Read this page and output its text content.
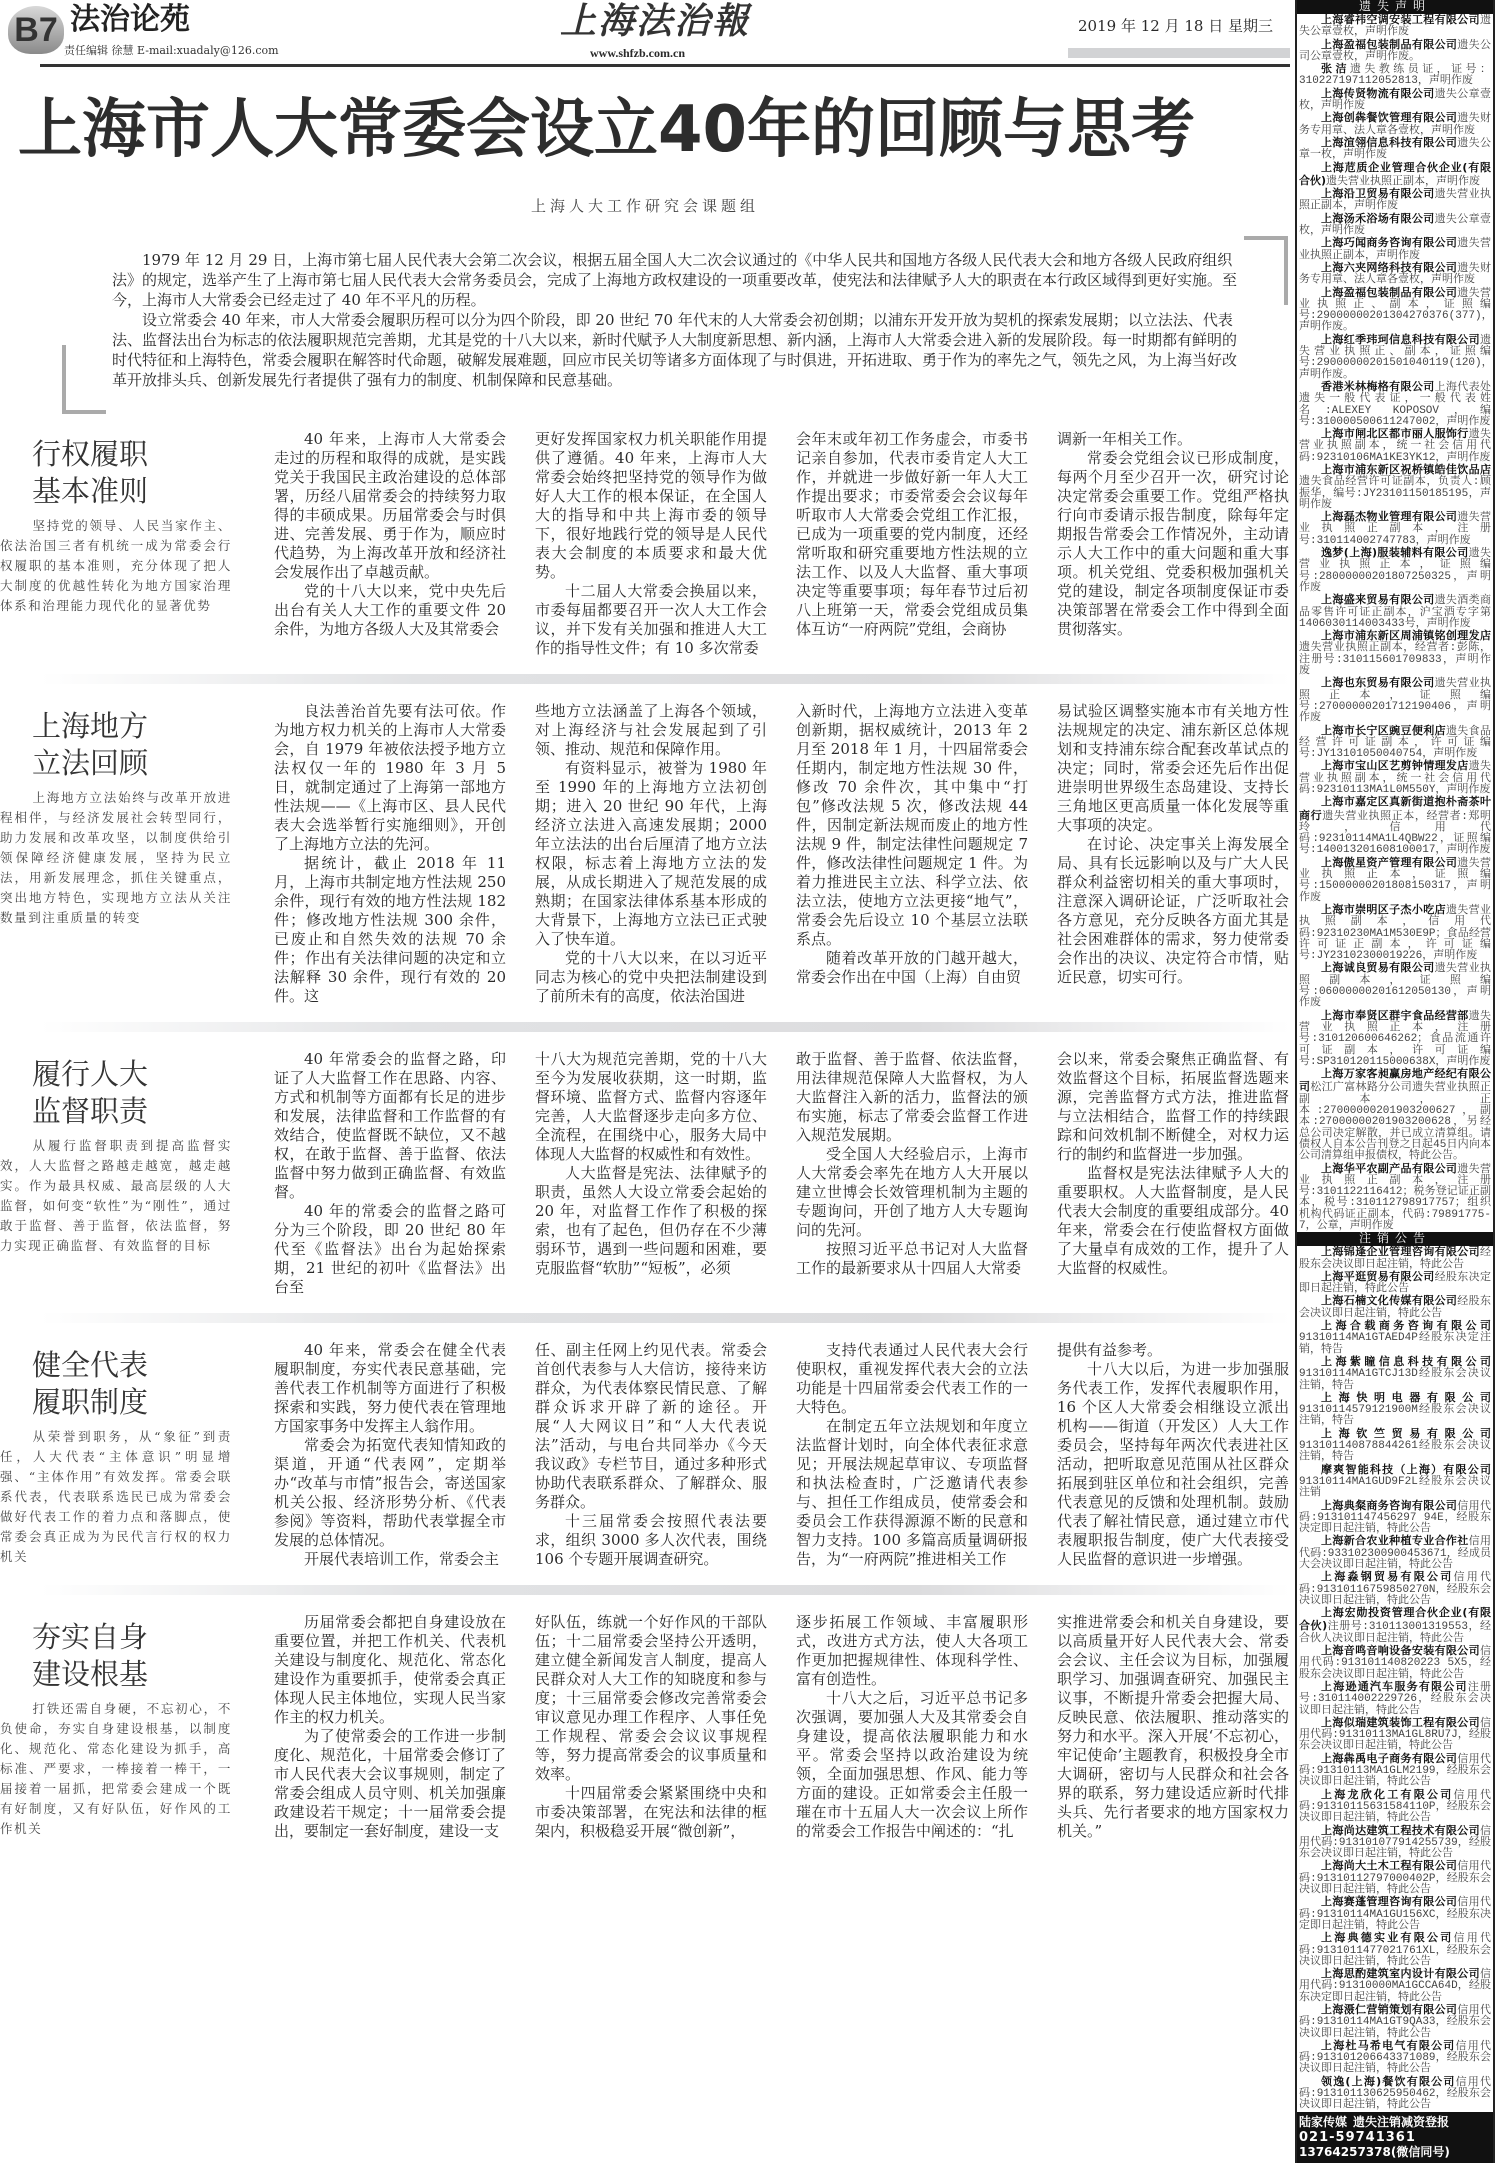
B7 法治论苑
责任编辑 徐慧 E-mail:xuadaly@126.com
上海法治報
www.shfzb.com.cn
2019 年 12 月 18 日 星期三
上海市人大常委会设立40年的回顾与思考
上海人大工作研究会课题组

1979 年 12 月 29 日，上海市第七届人民代表大会第二次会议，根据五届全国人大二次会议通过的《中华人民共和国地方各级人民代表大会和地方各级人民政府组织法》的规定，选举产生了上海市第七届人民代表大会常务委员会，完成了上海地方政权建设的一项重要改革，使宪法和法律赋予人大的职责在本行政区域得到更好实施。至今，上海市人大常委会已经走过了 40 年不平凡的历程。

设立常委会 40 年来，市人大常委会履职历程可以分为四个阶段，即 20 世纪 70 年代末的人大常委会初创期；以浦东开发开放为契机的探索发展期；以立法法、代表法、监督法出台为标志的依法履职规范完善期，尤其是党的十八大以来，新时代赋予人大制度新思想、新内涵，上海市人大常委会进入新的发展阶段。每一时期都有鲜明的时代特征和上海特色，常委会履职在解答时代命题，破解发展难题，回应市民关切等诸多方面体现了与时俱进，开拓进取、勇于作为的率先之气，领先之风，为上海当好改革开放排头兵、创新发展先行者提供了强有力的制度、机制保障和民意基础。

行权履职
基本准则
坚持党的领导、人民当家作主、依法治国三者有机统一成为常委会行权履职的基本准则，充分体现了把人大制度的优越性转化为地方国家治理体系和治理能力现代化的显著优势

40 年来，上海市人大常委会走过的历程和取得的成就，是实践党关于我国民主政治建设的总体部署，历经八届常委会的持续努力取得的丰硕成果。历届常委会与时俱进、完善发展、勇于作为，顺应时代趋势，为上海改革开放和经济社会发展作出了卓越贡献。

党的十八大以来，党中央先后出台有关人大工作的重要文件 20 余件，为地方各级人大及其常委会

更好发挥国家权力机关职能作用提供了遵循。40 年来，上海市人大常委会始终把坚持党的领导作为做好人大工作的根本保证，在全国人大的指导和中共上海市委的领导下，很好地践行党的领导是人民代表大会制度的本质要求和最大优势。

十二届人大常委会换届以来，市委每届都要召开一次人大工作会议，并下发有关加强和推进人大工作的指导性文件；有 10 多次常委

会年末或年初工作务虚会，市委书记亲自参加，代表市委肯定人大工作，并就进一步做好新一年人大工作提出要求；市委常委会会议每年听取市人大常委会党组工作汇报，已成为一项重要的党内制度，还经常听取和研究重要地方性法规的立法工作、以及人大监督、重大事项决定等重要事项；每年春节过后初八上班第一天，常委会党组成员集体互访“一府两院”党组，会商协

调新一年相关工作。

常委会党组会议已形成制度，每两个月至少召开一次，研究讨论决定常委会重要工作。党组严格执行向市委请示报告制度，除每年定期报告常委会工作情况外，主动请示人大工作中的重大问题和重大事项。机关党组、党委积极加强机关党的建设，制定各项制度保证市委决策部署在常委会工作中得到全面贯彻落实。

上海地方
立法回顾
上海地方立法始终与改革开放进程相伴，与经济发展社会转型同行，助力发展和改革攻坚，以制度供给引领保障经济健康发展，坚持为民立法，用新发展理念，抓住关键重点，突出地方特色，实现地方立法从关注数量到注重质量的转变

良法善治首先要有法可依。作为地方权力机关的上海市人大常委会，自 1979 年被依法授予地方立法权仅一年的 1980 年 3 月 5 日，就制定通过了上海第一部地方性法规——《上海市区、县人民代表大会选举暂行实施细则》，开创了上海地方立法的先河。

据统计，截止 2018 年 11 月，上海市共制定地方性法规 250 余件，现行有效的地方性法规 182 件；修改地方性法规 300 余件，已废止和自然失效的法规 70 余件；作出有关法律问题的决定和立法解释 30 余件，现行有效的 20 件。这

些地方立法涵盖了上海各个领域，对上海经济与社会发展起到了引领、推动、规范和保障作用。

有资料显示，被誉为 1980 年至 1990 年的上海地方立法初创期；进入 20 世纪 90 年代，上海经济立法进入高速发展期；2000 年立法法的出台后厘清了地方立法权限，标志着上海地方立法的发展，从成长期进入了规范发展的成熟期；在国家法律体系基本形成的大背景下，上海地方立法已正式驶入了快车道。

党的十八大以来，在以习近平同志为核心的党中央把法制建设到了前所未有的高度，依法治国进

入新时代，上海地方立法进入变革创新期，据权威统计，2013 年 2 月至 2018 年 1 月，十四届常委会任期内，制定地方性法规 30 件，修改 70 余件次，其中集中“打包”修改法规 5 次，修改法规 44 件，因制定新法规而废止的地方性法规 9 件，制定法律性问题规定 7 件，修改法律性问题规定 1 件。为着力推进民主立法、科学立法、依法立法，使地方立法更接“地气”，常委会先后设立 10 个基层立法联系点。

随着改革开放的门越开越大，常委会作出在中国（上海）自由贸

易试验区调整实施本市有关地方性法规规定的决定、浦东新区总体规划和支持浦东综合配套改革试点的决定；同时，常委会还先后作出促进崇明世界级生态岛建设、支持长三角地区更高质量一体化发展等重大事项的决定。

在讨论、决定事关上海发展全局、具有长远影响以及与广大人民群众利益密切相关的重大事项时，注意深入调研论证，广泛听取社会各方意见，充分反映各方面尤其是社会困难群体的需求，努力使常委会作出的决议、决定符合市情，贴近民意，切实可行。

履行人大
监督职责
从履行监督职责到提高监督实效，人大监督之路越走越宽，越走越实。作为最具权威、最高层级的人大监督，如何变“软性”为“刚性”，通过敢于监督、善于监督，依法监督，努力实现正确监督、有效监督的目标

40 年常委会的监督之路，印证了人大监督工作在思路、内容、方式和机制等方面都有长足的进步和发展，法律监督和工作监督的有效结合，使监督既不缺位，又不越权，在敢于监督、善于监督、依法监督中努力做到正确监督、有效监督。

40 年的常委会的监督之路可分为三个阶段，即 20 世纪 80 年代至《监督法》出台为起始探索期，21 世纪的初叶《监督法》出台至

十八大为规范完善期，党的十八大至今为发展收获期，这一时期，监督环境、监督方式、监督内容逐年完善，人大监督逐步走向多方位、全流程，在围绕中心，服务大局中体现人大监督的权威性和有效性。

人大监督是宪法、法律赋予的职责，虽然人大设立常委会起始的 20 年，对监督工作作了积极的探索，也有了起色，但仍存在不少薄弱环节，遇到一些问题和困难，要克服监督“软肋”“短板”，必须

敢于监督、善于监督、依法监督，用法律规范保障人大监督权，为人大监督注入新的活力，监督法的颁布实施，标志了常委会监督工作进入规范发展期。

受全国人大经验启示，上海市人大常委会率先在地方人大开展以建立世博会长效管理机制为主题的专题询问，开创了地方人大专题询问的先河。

按照习近平总书记对人大监督工作的最新要求从十四届人大常委

会以来，常委会聚焦正确监督、有效监督这个目标，拓展监督选题来源，完善监督方式方法，推进监督与立法相结合，监督工作的持续跟踪和问效机制不断健全，对权力运行的制约和监督进一步加强。

监督权是宪法法律赋予人大的重要职权。人大监督制度，是人民代表大会制度的重要组成部分。40 年来，常委会在行使监督权方面做了大量卓有成效的工作，提升了人大监督的权威性。

健全代表
履职制度
从荣誉到职务，从“象征”到责任，人大代表“主体意识”明显增强、“主体作用”有效发挥。常委会联系代表，代表联系选民已成为常委会做好代表工作的着力点和落脚点，使常委会真正成为为民代言行权的权力机关

40 年来，常委会在健全代表履职制度，夯实代表民意基础，完善代表工作机制等方面进行了积极探索和实践，努力使代表在管理地方国家事务中发挥主人翁作用。

常委会为拓宽代表知情知政的渠道，开通“代表网”，定期举办“改革与市情”报告会，寄送国家机关公报、经济形势分析、《代表参阅》等资料，帮助代表掌握全市发展的总体情况。

开展代表培训工作，常委会主

任、副主任网上约见代表。常委会首创代表参与人大信访，接待来访群众，为代表体察民情民意、了解群众诉求开辟了新的途径。开展“人大网议日”和“人大代表说法”活动，与电台共同举办《今天我议政》专栏节目，通过多种形式协助代表联系群众、了解群众、服务群众。

十三届常委会按照代表法要求，组织 3000 多人次代表，围绕 106 个专题开展调查研究。

支持代表通过人民代表大会行使职权，重视发挥代表大会的立法功能是十四届常委会代表工作的一大特色。

在制定五年立法规划和年度立法监督计划时，向全体代表征求意见；开展法规起草审议、专项监督和执法检查时，广泛邀请代表参与、担任工作组成员，使常委会和委员会工作获得源源不断的民意和智力支持。100 多篇高质量调研报告，为“一府两院”推进相关工作

提供有益参考。

十八大以后，为进一步加强服务代表工作，发挥代表履职作用，16 个区人大常委会相继设立派出机构——街道（开发区）人大工作委员会，坚持每年两次代表进社区活动，把听取意见范围从社区群众拓展到驻区单位和社会组织，完善代表意见的反馈和处理机制。鼓励代表了解社情民意，通过建立市代表履职报告制度，使广大代表接受人民监督的意识进一步增强。

夯实自身
建设根基
打铁还需自身硬，不忘初心，不负使命，夯实自身建设根基，以制度化、规范化、常态化建设为抓手，高标准、严要求，一棒接着一棒干，一届接着一届抓，把常委会建成一个既有好制度，又有好队伍，好作风的工作机关

历届常委会都把自身建设放在重要位置，并把工作机关、代表机关建设与制度化、规范化、常态化建设作为重要抓手，使常委会真正体现人民主体地位，实现人民当家作主的权力机关。

为了使常委会的工作进一步制度化、规范化，十届常委会修订了市人民代表大会议事规则，制定了常委会组成人员守则、机关加强廉政建设若干规定；十一届常委会提出，要制定一套好制度，建设一支

好队伍，练就一个好作风的干部队伍；十二届常委会坚持公开透明，建立健全新闻发言人制度，提高人民群众对人大工作的知晓度和参与度；十三届常委会修改完善常委会审议意见办理工作程序、人事任免工作规程、常委会会议议事规程等，努力提高常委会的议事质量和效率。

十四届常委会紧紧围绕中央和市委决策部署，在宪法和法律的框架内，积极稳妥开展“微创新”，

逐步拓展工作领域、丰富履职形式，改进方式方法，使人大各项工作更加把握规律性、体现科学性、富有创造性。

十八大之后，习近平总书记多次强调，要加强人大及其常委会自身建设，提高依法履职能力和水平。常委会坚持以政治建设为统领，全面加强思想、作风、能力等方面的建设。正如常委会主任殷一璀在市十五届人大一次会议上所作的常委会工作报告中阐述的：“扎

实推进常委会和机关自身建设，要以高质量开好人民代表大会、常委会会议、主任会议为目标，加强履职学习、加强调查研究、加强民主议事，不断提升常委会把握大局、反映民意、依法履职、推动落实的努力和水平。深入开展‘不忘初心，牢记使命’主题教育，积极投身全市大调研，密切与人民群众和社会各界的联系，努力建设适应新时代排头兵、先行者要求的地方国家权力机关。”

遗失声明
上海睿祎空调安装工程有限公司遗失公章壹枚，声明作废
上海盈福包装制品有限公司遗失公司公章壹枚，声明作废。
张洁遗失教练员证，证号：310227197112052813，声明作废
上海传贤物流有限公司遗失公章壹枚，声明作废
上海创犇餐饮管理有限公司遗失财务专用章、法人章各壹枚，声明作废
上海渲翎信息科技有限公司遗失公章一枚，声明作废
上海苊质企业管理合伙企业(有限合伙)遗失营业执照正副本，声明作废
上海沿卫贸易有限公司遗失营业执照正副本，声明作废
上海汤禾浴场有限公司遗失公章壹枚，声明作废
上海巧闻商务咨询有限公司遗失营业执照正副本，声明作废
上海六夹网络科技有限公司遗失财务专用章、法人章各壹枚，声明作废
上海盈福包装制品有限公司遗失营业执照正、副本，证照编号:29000000201304270376(377)，声明作废。
上海红季玮珂信息科技有限公司遗失营业执照正、副本，证照编号:29000000201501040119(120)，声明作废。
香港米林梅格有限公司上海代表处遗失一般代表证，一般代表姓名:ALEXEY KOPOSOV，编号:310000500611247002，声明作废
上海市闸北区都市丽人服饰行遗失营业执照副本，统一社会信用代码:92310106MA1KE3YK12，声明作废
上海市浦东新区祝桥镇皓佳饮品店遗失食品经营许可证副本，负责人:顾振华，编号:JY23101150185195，声明作废
上海磊杰物业管理有限公司遗失营业执照正副本，注册号:310114002747783，声明作废
逸梦(上海)服装辅料有限公司遗失营业执照正本，证照编号:28000000201807250325，声明作废
上海盛来贸易有限公司遗失酒类商品零售许可证正副本，沪宝酒专字第1406030114003433号，声明作废
上海市浦东新区周浦镇铭创理发店遗失营业执照正副本，经营者:彭陈，注册号:310115601709833，声明作废
上海也东贸易有限公司遗失营业执照正本，证照编号:27000000201712190406，声明作废
上海市长宁区豌豆便利店遗失食品经营许可证副本，许可证编号:JY13101050040754，声明作废
上海市宝山区艺剪钟情理发店遗失营业执照副本，统一社会信用代码:92310113MA1L0M550Y，声明作废
上海市嘉定区真新街道抱朴斋茶叶商行遗失营业执照正本，经营者:郑明玲，信用代码:92310114MA1L4QBW22，证照编号:140013201608100017，声明作废
上海傲星资产管理有限公司遗失营业执照正本，证照编号:15000000201808150317，声明作废
上海市崇明区子杰小吃店遗失营业执照副本，信用代码:92310230MA1M530E9P；食品经营许可证正副本，许可证编号:JY23102300019226，声明作废
上海诚良贸易有限公司遗失营业执照副本，证照编号:06000000201612050130，声明作废
上海市奉贤区群宇食品经营部遗失营业执照正本，注册号:310120600646262；食品流通许可证副本，许可证编号:SP310120115000638X，声明作废
上海万家客昶赢房地产经纪有限公司松江广富林路分公司遗失营业执照正副本，正本:27000000201903200627，副本:27000000201903200628，另经总公司决定解散，并已成立清算组。请债权人自本公告刊登之日起45日内向本公司清算组申报债权，特此公告。
上海华平农副产品有限公司遗失营业执照正副本，注册号:3101122116412；税务登记证正副本，税号:310112798917757；组织机构代码证正副本，代码:79891775-7，公章，声明作废
注销公告
上海锦逢企业管理咨询有限公司经股东会决议即日起注销，特此公告
上海平逛贸易有限公司经股东决定即日起注销，特此公告
上海石楠文化传媒有限公司经股东会决议即日起注销，特此公告
上海合载商务咨询有限公司91310114MA1GTAED4P经股东决定注销，特告
上海紫瞳信息科技有限公司91310114MA1GTCJ13D经股东会决议注销，特告
上海快明电器有限公司91310114579121900M经股东会决议注销，特告
上海钦竺贸易有限公司913101140878844261经股东会决议注销，特告
摩爽智能科技（上海）有限公司91310114MA1GUD9F2L经股东会决议注销
上海典粲商务咨询有限公司信用代码:913101147456297 94E，经股东决定即日起注销，特此公告
上海新合农业种植专业合作社信用代码:933102300900453671，经成员大会决议即日起注销，特此公告
上海淼钢贸易有限公司信用代码:91310116759850270N，经股东会决议即日起注销，特此公告
上海宏勋投资管理合伙企业(有限合伙)注册号:310113001319553，经合伙人决议即日起注销，特此公告
上海音鸣音响设备安装有限公司信用代码:913101140820223 5X5，经股东会决议即日起注销，特此公告
上海逊通汽车服务有限公司注册号:310114002229726，经股东会决议即日起注销，特此公告
上海似瑞建筑装饰工程有限公司信用代码:91310113MA1GL8RU7J，经股东会决议即日起注销，特此公告
上海犇禹电子商务有限公司信用代码:91310113MA1GLM2199，经股东会决议即日起注销，特此公告
上海龙欣化工有限公司信用代码:91310115631584110P，经股东会决议即日起注销，特此公告
上海尚达建筑工程技术有限公司信用代码:913101077914255739，经股东会决议即日起注销，特此公告
上海尚大土木工程有限公司信用代码:91310112797000402P，经股东会决议即日起注销，特此公告
上海赛蓬管理咨询有限公司信用代码:91310114MA1GU156XC，经股东决定即日起注销，特此公告
上海典德实业有限公司信用代码:9131011477021761XL，经股东会决议即日起注销，特此公告
上海思酌建筑室内设计有限公司信用代码:91310000MA1GCCA64D，经股东决定即日起注销，特此公告
上海滠仁营销策划有限公司信用代码:91310114MA1GT9QA33，经股东会决议即日起注销，特此公告
上海杜马希电气有限公司信用代码:913101206643371089，经股东会决议即日起注销，特此公告
领逸(上海)餐饮有限公司信用代码:913101130625950462，经股东会决议即日起注销，特此公告
陆家传媒 遗失注销减资登报
021-59741361
13764257378(微信同号)
